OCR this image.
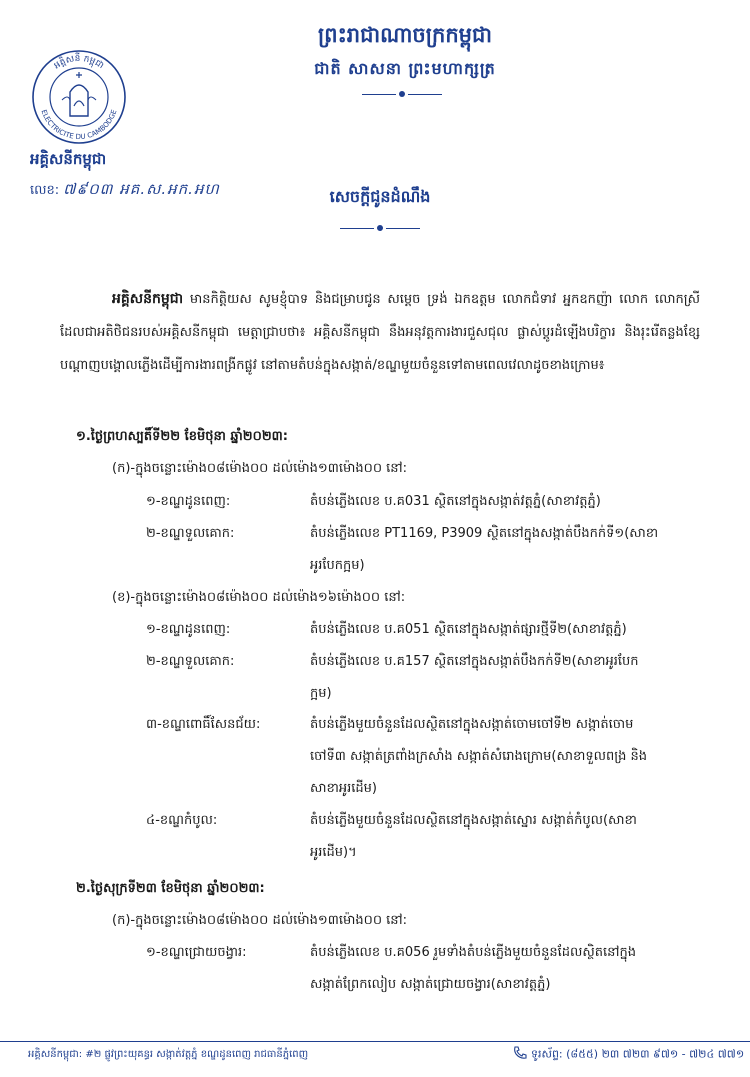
ព្រះរាជាណាចក្រកម្ពុជា
ជាតិ សាសនា ព្រះមហាក្សត្រ
អគ្គិសនី កម្ពុជា
ELECTRICITE DU CAMBODGE
អគ្គិសនីកម្ពុជា
លេខ: ៧៩០៣ អគ.ស.អក.អហ	សេចក្តីជូនដំណឹង
អគ្គិសនីកម្ពុជា មានកិត្តិយស សូមខ្ញុំបាទ និងជម្រាបជូន សម្តេច ទ្រង់ ឯកឧត្តម លោកជំទាវ អ្នកឧកញ៉ា លោក លោកស្រី ដែលជាអតិថិជនរបស់អគ្គិសនីកម្ពុជា មេត្តាជ្រាបថា៖ អគ្គិសនីកម្ពុជា នឹងអនុវត្តការងារជួសជុល ផ្លាស់ប្តូរដំឡើងបរិក្ខារ និងរុះរើតន្លងខ្សែបណ្តាញបង្គោលភ្លើងដើម្បីការងារពង្រីកផ្លូវ នៅតាមតំបន់ក្នុងសង្កាត់/ខណ្ឌមួយចំនួនទៅតាមពេលវេលាដូចខាងក្រោម៖
១.ថ្ងៃព្រហស្បតិ៍ទី២២ ខែមិថុនា ឆ្នាំ២០២៣:
(ក)-ក្នុងចន្លោះម៉ោង០៨ម៉ោង០០ ដល់ម៉ោង១៣ម៉ោង០០ នៅ:
១-ខណ្ឌដូនពេញ:	តំបន់ភ្លើងលេខ ប.គ031 ស្ថិតនៅក្នុងសង្កាត់វត្តភ្នំ(សាខាវត្តភ្នំ)
២-ខណ្ឌទួលគោក:	តំបន់ភ្លើងលេខ PT1169, P3909 ស្ថិតនៅក្នុងសង្កាត់បឹងកក់ទី១(សាខា
អូរបែកក្អម)
(ខ)-ក្នុងចន្លោះម៉ោង០៨ម៉ោង០០ ដល់ម៉ោង១៦ម៉ោង០០ នៅ:
១-ខណ្ឌដូនពេញ:	តំបន់ភ្លើងលេខ ប.គ051 ស្ថិតនៅក្នុងសង្កាត់ផ្សារថ្មីទី២(សាខាវត្តភ្នំ)
២-ខណ្ឌទួលគោក:	តំបន់ភ្លើងលេខ ប.គ157 ស្ថិតនៅក្នុងសង្កាត់បឹងកក់ទី២(សាខាអូរបែក
ក្អម)
៣-ខណ្ឌពោធិ៍សែនជ័យ:	តំបន់ភ្លើងមួយចំនួនដែលស្ថិតនៅក្នុងសង្កាត់ចោមចៅទី២ សង្កាត់ចោម
ចៅទី៣ សង្កាត់ត្រពាំងក្រសាំង សង្កាត់សំរោងក្រោម(សាខាទួលពង្រ និង
សាខាអូរដើម)
៤-ខណ្ឌកំបូល:	តំបន់ភ្លើងមួយចំនួនដែលស្ថិតនៅក្នុងសង្កាត់ស្នោរ សង្កាត់កំបូល(សាខា
អូរដើម)។
២.ថ្ងៃសុក្រទី២៣ ខែមិថុនា ឆ្នាំ២០២៣:
(ក)-ក្នុងចន្លោះម៉ោង០៨ម៉ោង០០ ដល់ម៉ោង១៣ម៉ោង០០ នៅ:
១-ខណ្ឌជ្រោយចង្វារ:	តំបន់ភ្លើងលេខ ប.គ056 រួមទាំងតំបន់ភ្លើងមួយចំនួនដែលស្ថិតនៅក្នុង
សង្កាត់ព្រែកលៀប សង្កាត់ជ្រោយចង្វារ(សាខាវត្តភ្នំ)
អគ្គិសនីកម្ពុជា: #២ ផ្លូវព្រះយុគន្ធរ សង្កាត់វត្តភ្នំ ខណ្ឌដូនពេញ រាជធានីភ្នំពេញ	ទូរស័ព្ទ: (៨៥៥) ២៣ ៧២៣ ៩៧១ - ៧២៤ ៧៧១
